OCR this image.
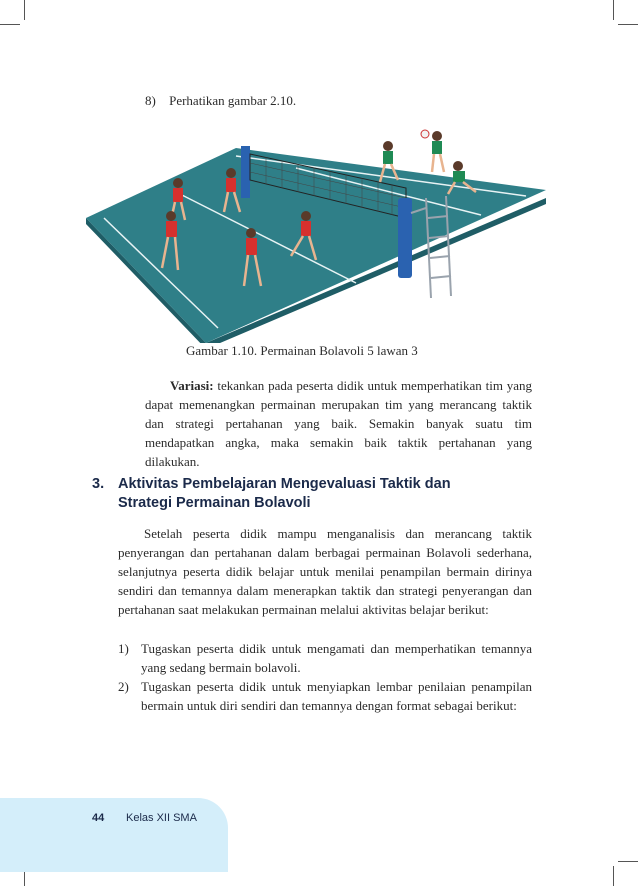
8) Perhatikan gambar 2.10.
Gambar 1.10. Permainan Bolavoli 5 lawan 3
Variasi: tekankan pada peserta didik untuk memperhatikan tim yang dapat memenangkan permainan merupakan tim yang merancang taktik dan strategi pertahanan yang baik. Semakin banyak suatu tim mendapatkan angka, maka semakin baik taktik pertahanan yang dilakukan.
3. Aktivitas Pembelajaran Mengevaluasi Taktik dan
Strategi Permainan Bolavoli
Setelah peserta didik mampu menganalisis dan merancang taktik penyerangan dan pertahanan dalam berbagai permainan Bolavoli sederhana, selanjutnya peserta didik belajar untuk menilai penampilan bermain dirinya sendiri dan temannya dalam menerapkan taktik dan strategi penyerangan dan pertahanan saat melakukan permainan melalui aktivitas belajar berikut:
1) Tugaskan peserta didik untuk mengamati dan memperhatikan temannya yang sedang bermain bolavoli.
2) Tugaskan peserta didik untuk menyiapkan lembar penilaian penampilan bermain untuk diri sendiri dan temannya dengan format sebagai berikut:
44 Kelas XII SMA
